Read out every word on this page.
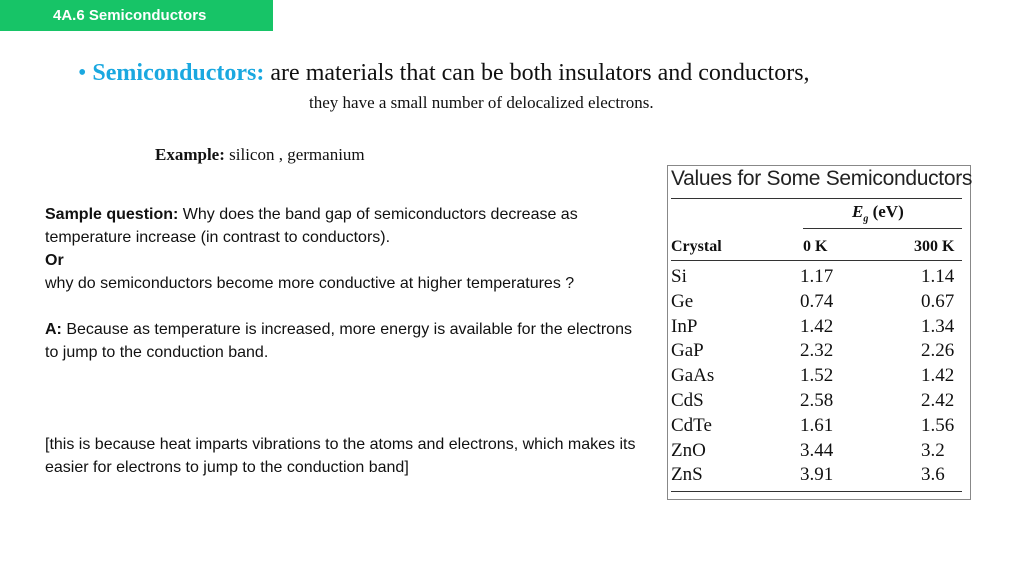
4A.6 Semiconductors
• Semiconductors: are materials that can be both insulators and conductors,
they have a small number of delocalized electrons.
Example: silicon , germanium

Sample question: Why does the band gap of semiconductors decrease as temperature increase (in contrast to conductors).

Or

why do semiconductors become more conductive at higher temperatures ?

A: Because as temperature is increased, more energy is available for the electrons to jump to the conduction band.

[this is because heat imparts vibrations to the atoms and electrons, which makes its easier for electrons to jump to the conduction band]

Values for Some Semiconductors
$E_g$ (eV)
Crystal	0 K	300 K
Si	1.17	1.14
Ge	0.74	0.67
InP	1.42	1.34
GaP	2.32	2.26
GaAs	1.52	1.42
CdS	2.58	2.42
CdTe	1.61	1.56
ZnO	3.44	3.2
ZnS	3.91	3.6
